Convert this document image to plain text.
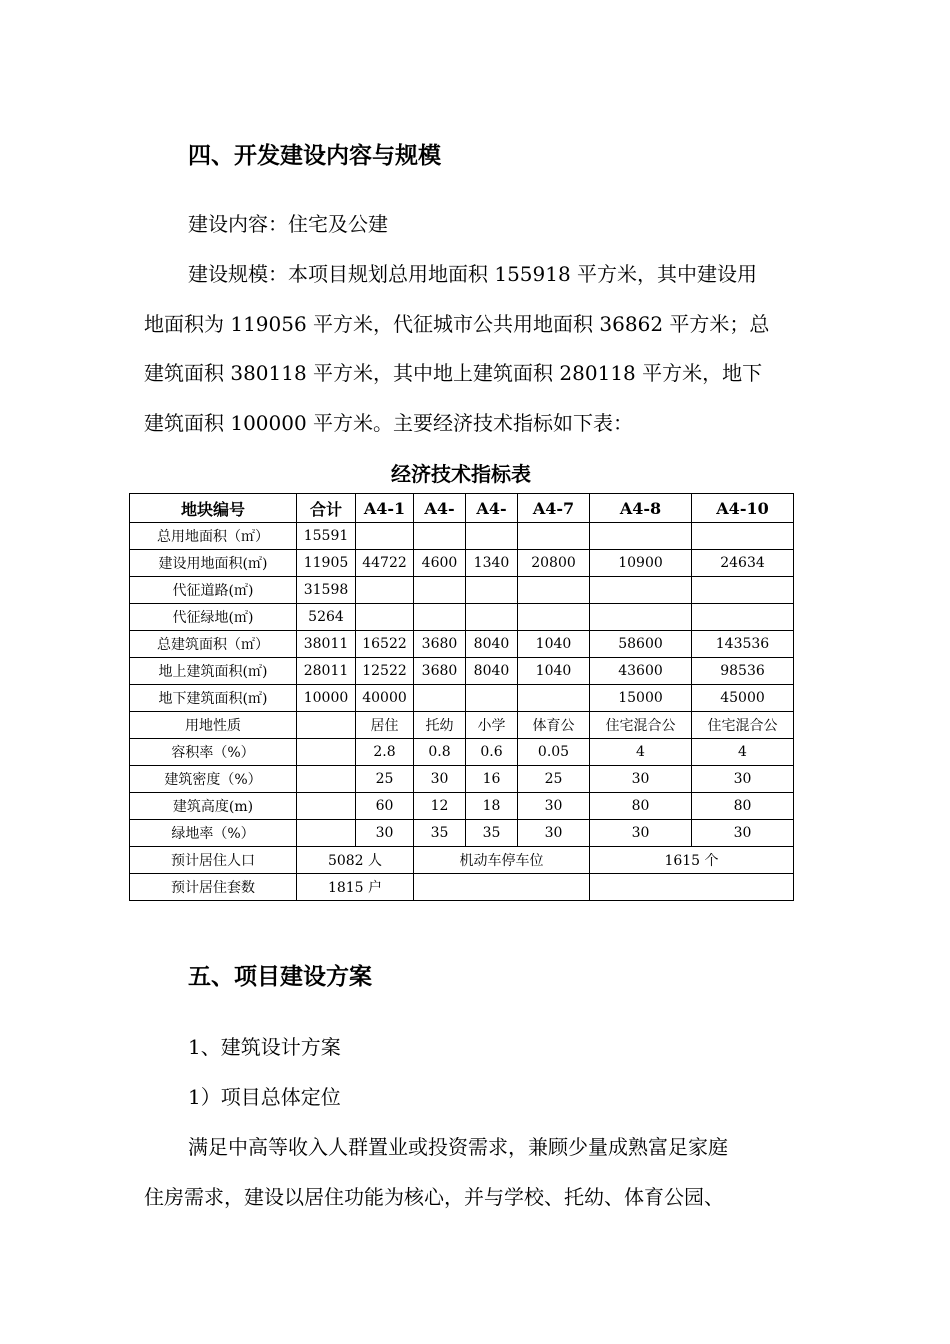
四、开发建设内容与规模
建设内容：住宅及公建
建设规模：本项目规划总用地面积 155918 平方米，其中建设用
地面积为 119056 平方米，代征城市公共用地面积 36862 平方米；总
建筑面积 380118 平方米，其中地上建筑面积 280118 平方米，地下
建筑面积 100000 平方米。主要经济技术指标如下表：
经济技术指标表
地块编号	合计	A4-1	A4-	A4-	A4-7	A4-8	A4-10
总用地面积（㎡）	15591						
建设用地面积(㎡)	11905	44722	4600	1340	20800	10900	24634
代征道路(㎡)	31598						
代征绿地(㎡)	5264						
总建筑面积（㎡）	38011	16522	3680	8040	1040	58600	143536
地上建筑面积(㎡)	28011	12522	3680	8040	1040	43600	98536
地下建筑面积(㎡)	10000	40000				15000	45000
用地性质		居住	托幼	小学	体育公	住宅混合公	住宅混合公
容积率（%）		2.8	0.8	0.6	0.05	4	4
建筑密度（%）		25	30	16	25	30	30
建筑高度(m)		60	12	18	30	80	80
绿地率（%）		30	35	35	30	30	30
预计居住人口	5082 人		机动车停车位			1615 个	
预计居住套数	1815 户						
五、项目建设方案
1、建筑设计方案
1）项目总体定位
满足中高等收入人群置业或投资需求，兼顾少量成熟富足家庭
住房需求，建设以居住功能为核心，并与学校、托幼、体育公园、
